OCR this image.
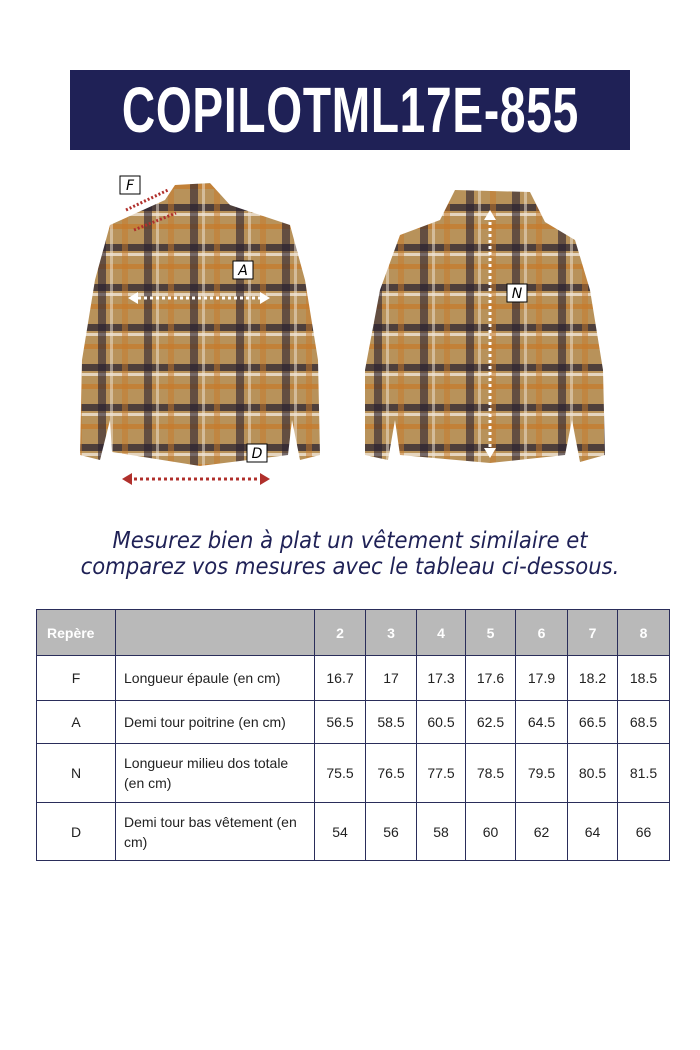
COPILOTML17E-855
F
A
N
D
Mesurez bien à plat un vêtement similaire et
comparez vos mesures avec le tableau ci-dessous.
Repère		2	3	4	5	6	7	8
F	Longueur épaule (en cm)	16.7	17	17.3	17.6	17.9	18.2	18.5
A	Demi tour poitrine (en cm)	56.5	58.5	60.5	62.5	64.5	66.5	68.5
N	Longueur milieu dos totale (en cm)	75.5	76.5	77.5	78.5	79.5	80.5	81.5
D	Demi tour bas vêtement (en cm)	54	56	58	60	62	64	66
